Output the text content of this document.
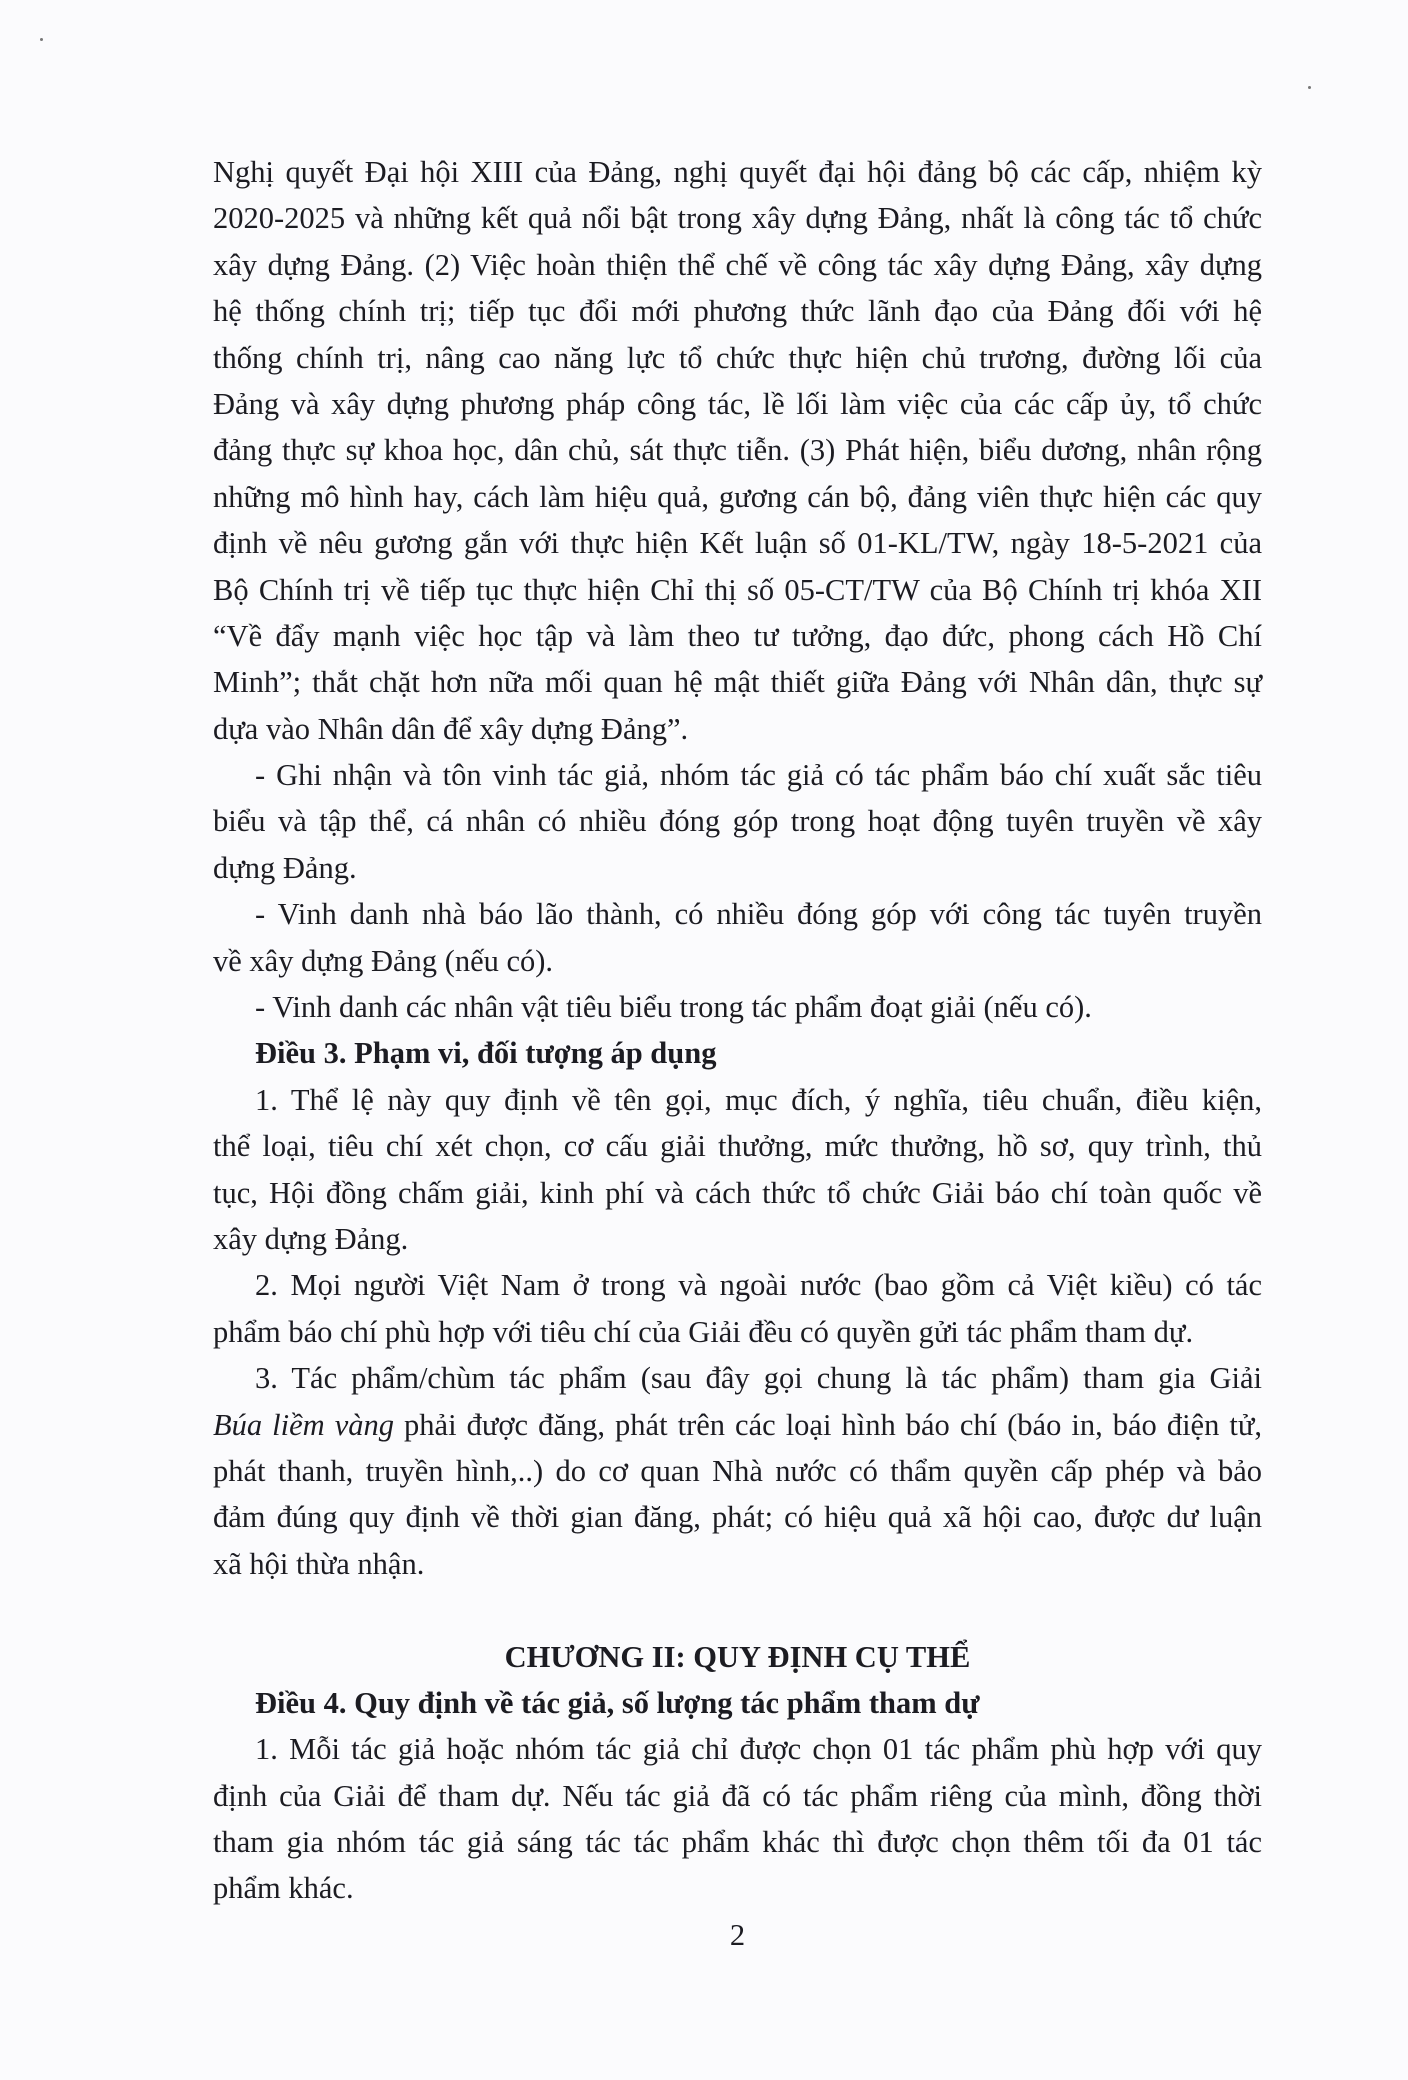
Nghị quyết Đại hội XIII của Đảng, nghị quyết đại hội đảng bộ các cấp, nhiệm kỳ
2020-2025 và những kết quả nổi bật trong xây dựng Đảng, nhất là công tác tổ chức
xây dựng Đảng. (2) Việc hoàn thiện thể chế về công tác xây dựng Đảng, xây dựng
hệ thống chính trị; tiếp tục đổi mới phương thức lãnh đạo của Đảng đối với hệ
thống chính trị, nâng cao năng lực tổ chức thực hiện chủ trương, đường lối của
Đảng và xây dựng phương pháp công tác, lề lối làm việc của các cấp ủy, tổ chức
đảng thực sự khoa học, dân chủ, sát thực tiễn. (3) Phát hiện, biểu dương, nhân rộng
những mô hình hay, cách làm hiệu quả, gương cán bộ, đảng viên thực hiện các quy
định về nêu gương gắn với thực hiện Kết luận số 01-KL/TW, ngày 18-5-2021 của
Bộ Chính trị về tiếp tục thực hiện Chỉ thị số 05-CT/TW của Bộ Chính trị khóa XII
“Về đẩy mạnh việc học tập và làm theo tư tưởng, đạo đức, phong cách Hồ Chí
Minh”; thắt chặt hơn nữa mối quan hệ mật thiết giữa Đảng với Nhân dân, thực sự
dựa vào Nhân dân để xây dựng Đảng”.
- Ghi nhận và tôn vinh tác giả, nhóm tác giả có tác phẩm báo chí xuất sắc tiêu
biểu và tập thể, cá nhân có nhiều đóng góp trong hoạt động tuyên truyền về xây
dựng Đảng.
- Vinh danh nhà báo lão thành, có nhiều đóng góp với công tác tuyên truyền
về xây dựng Đảng (nếu có).
- Vinh danh các nhân vật tiêu biểu trong tác phẩm đoạt giải (nếu có).
Điều 3. Phạm vi, đối tượng áp dụng
1. Thể lệ này quy định về tên gọi, mục đích, ý nghĩa, tiêu chuẩn, điều kiện,
thể loại, tiêu chí xét chọn, cơ cấu giải thưởng, mức thưởng, hồ sơ, quy trình, thủ
tục, Hội đồng chấm giải, kinh phí và cách thức tổ chức Giải báo chí toàn quốc về
xây dựng Đảng.
2. Mọi người Việt Nam ở trong và ngoài nước (bao gồm cả Việt kiều) có tác
phẩm báo chí phù hợp với tiêu chí của Giải đều có quyền gửi tác phẩm tham dự.
3. Tác phẩm/chùm tác phẩm (sau đây gọi chung là tác phẩm) tham gia Giải
Búa liềm vàng phải được đăng, phát trên các loại hình báo chí (báo in, báo điện tử,
phát thanh, truyền hình,..) do cơ quan Nhà nước có thẩm quyền cấp phép và bảo
đảm đúng quy định về thời gian đăng, phát; có hiệu quả xã hội cao, được dư luận
xã hội thừa nhận.
CHƯƠNG II: QUY ĐỊNH CỤ THỂ
Điều 4. Quy định về tác giả, số lượng tác phẩm tham dự
1. Mỗi tác giả hoặc nhóm tác giả chỉ được chọn 01 tác phẩm phù hợp với quy
định của Giải để tham dự. Nếu tác giả đã có tác phẩm riêng của mình, đồng thời
tham gia nhóm tác giả sáng tác tác phẩm khác thì được chọn thêm tối đa 01 tác
phẩm khác.
2
